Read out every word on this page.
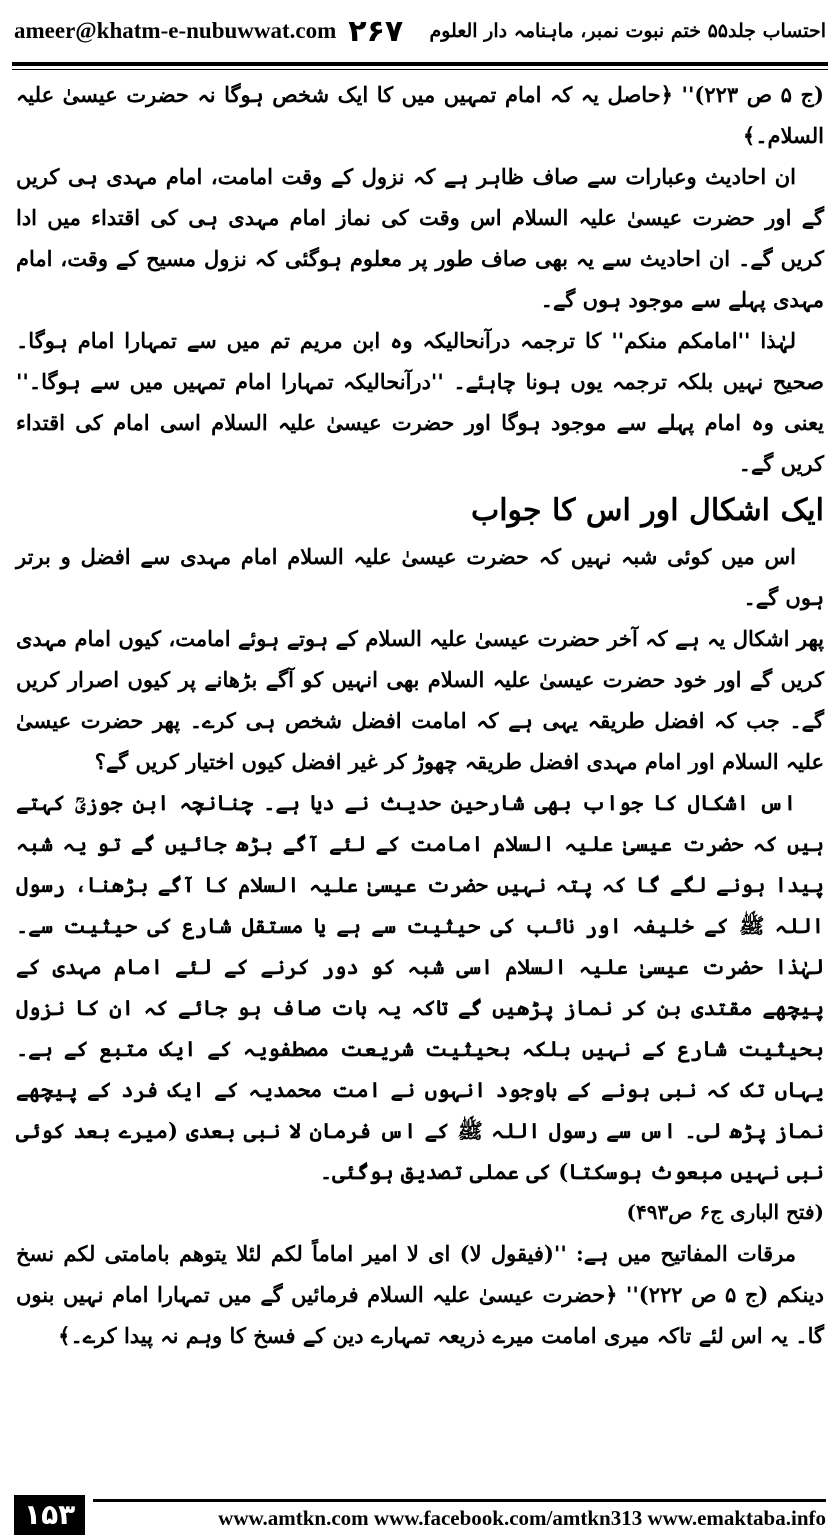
ameer@khatm-e-nubuwwat.com ۲۶۷ احتساب جلد۵۵ ختم نبوت نمبر، ماہنامہ دار العلوم

(ج ۵ ص ۲۲۳)'' ﴿حاصل یہ کہ امام تمہیں میں کا ایک شخص ہوگا نہ حضرت عیسیٰ علیہ السلام۔﴾

ان احادیث وعبارات سے صاف ظاہر ہے کہ نزول کے وقت امامت، امام مہدی ہی کریں گے اور حضرت عیسیٰ علیہ السلام اس وقت کی نماز امام مہدی ہی کی اقتداء میں ادا کریں گے۔ ان احادیث سے یہ بھی صاف طور پر معلوم ہوگئی کہ نزول مسیح کے وقت، امام مہدی پہلے سے موجود ہوں گے۔

لہٰذا ''امامکم منکم'' کا ترجمہ درآنحالیکہ وہ ابن مریم تم میں سے تمہارا امام ہوگا۔ صحیح نہیں بلکہ ترجمہ یوں ہونا چاہئے۔ ''درآنحالیکہ تمہارا امام تمہیں میں سے ہوگا۔'' یعنی وہ امام پہلے سے موجود ہوگا اور حضرت عیسیٰ علیہ السلام اسی امام کی اقتداء کریں گے۔

ایک اشکال اور اس کا جواب

اس میں کوئی شبہ نہیں کہ حضرت عیسیٰ علیہ السلام امام مہدی سے افضل و برتر ہوں گے۔

پھر اشکال یہ ہے کہ آخر حضرت عیسیٰ علیہ السلام کے ہوتے ہوئے امامت، کیوں امام مہدی کریں گے اور خود حضرت عیسیٰ علیہ السلام بھی انہیں کو آگے بڑھانے پر کیوں اصرار کریں گے۔ جب کہ افضل طریقہ یہی ہے کہ امامت افضل شخص ہی کرے۔ پھر حضرت عیسیٰ علیہ السلام اور امام مہدی افضل طریقہ چھوڑ کر غیر افضل کیوں اختیار کریں گے؟

اس اشکال کا جواب بھی شارحین حدیث نے دیا ہے۔ چنانچہ ابن جوزیؒ کہتے ہیں کہ حضرت عیسیٰ علیہ السلام امامت کے لئے آگے بڑھ جائیں گے تو یہ شبہ پیدا ہونے لگے گا کہ پتہ نہیں حضرت عیسیٰ علیہ السلام کا آگے بڑھنا، رسول اللہ ﷺ کے خلیفہ اور نائب کی حیثیت سے ہے یا مستقل شارع کی حیثیت سے۔ لہٰذا حضرت عیسیٰ علیہ السلام اسی شبہ کو دور کرنے کے لئے امام مہدی کے پیچھے مقتدی بن کر نماز پڑھیں گے تاکہ یہ بات صاف ہو جائے کہ ان کا نزول بحیثیت شارع کے نہیں بلکہ بحیثیت شریعت مصطفویہ کے ایک متبع کے ہے۔ یہاں تک کہ نبی ہونے کے باوجود انہوں نے امت محمدیہ کے ایک فرد کے پیچھے نماز پڑھ لی۔ اس سے رسول اللہ ﷺ کے اس فرمان لا نبی بعدی (میرے بعد کوئی نبی نہیں مبعوث ہوسکتا) کی عملی تصدیق ہوگئی۔

(فتح الباری ج۶ ص۴۹۳)

مرقات المفاتیح میں ہے: ''(فیقول لا) ای لا امیر اماماً لکم لئلا یتوھم بامامتی لکم نسخ دینکم (ج ۵ ص ۲۲۲)'' ﴿حضرت عیسیٰ علیہ السلام فرمائیں گے میں تمہارا امام نہیں بنوں گا۔ یہ اس لئے تاکہ میری امامت میرے ذریعہ تمہارے دین کے فسخ کا وہم نہ پیدا کرے۔﴾

۱۵۳	www.amtkn.com www.facebook.com/amtkn313 www.emaktaba.info
